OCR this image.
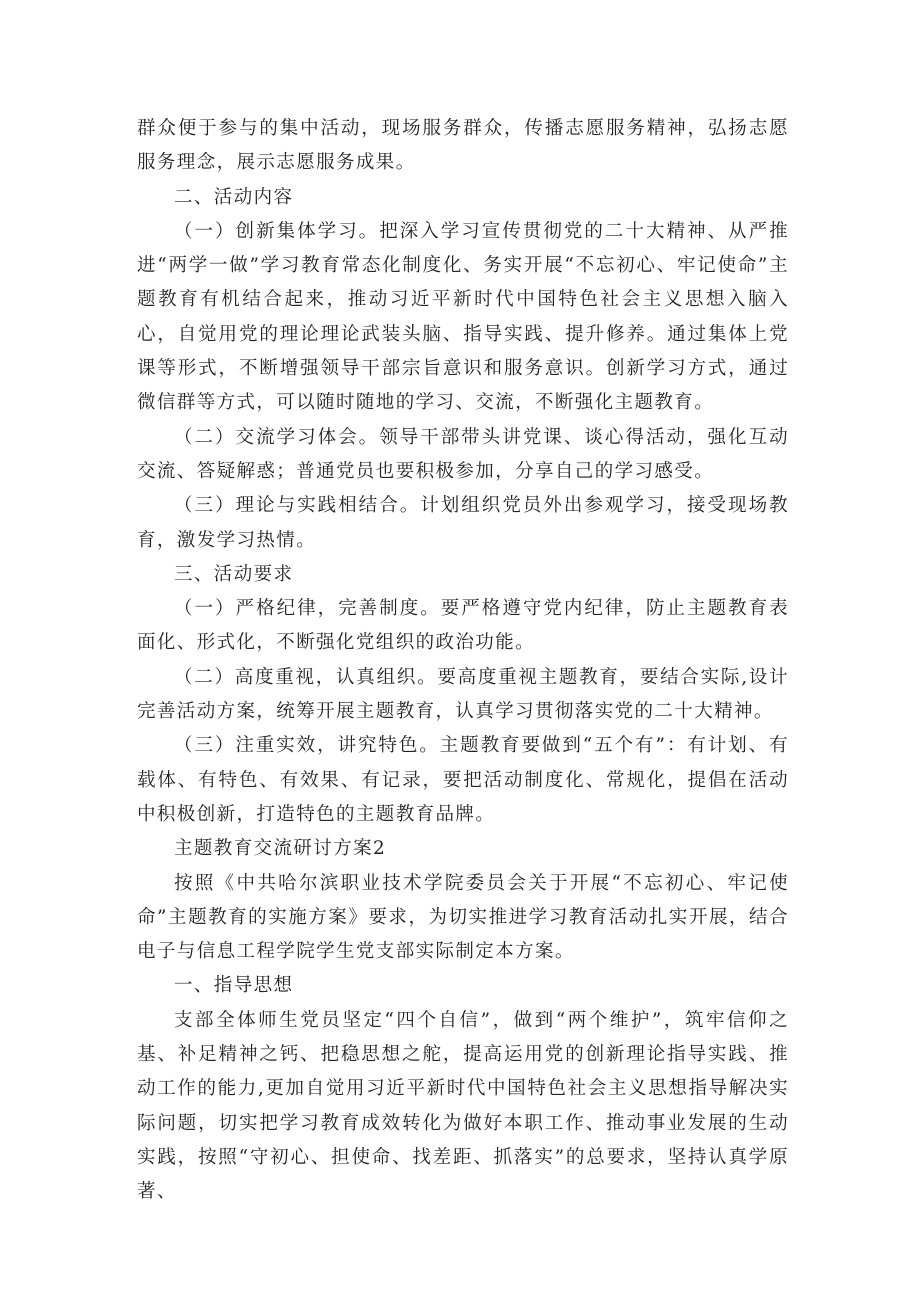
群众便于参与的集中活动，现场服务群众，传播志愿服务精神，弘扬志愿服务理念，展示志愿服务成果。

二、活动内容

（一）创新集体学习。把深入学习宣传贯彻党的二十大精神、从严推进“两学一做”学习教育常态化制度化、务实开展“不忘初心、牢记使命”主题教育有机结合起来，推动习近平新时代中国特色社会主义思想入脑入心，自觉用党的理论理论武装头脑、指导实践、提升修养。通过集体上党课等形式，不断增强领导干部宗旨意识和服务意识。创新学习方式，通过微信群等方式，可以随时随地的学习、交流，不断强化主题教育。

（二）交流学习体会。领导干部带头讲党课、谈心得活动，强化互动交流、答疑解惑；普通党员也要积极参加，分享自己的学习感受。

（三）理论与实践相结合。计划组织党员外出参观学习，接受现场教育，激发学习热情。

三、活动要求

（一）严格纪律，完善制度。要严格遵守党内纪律，防止主题教育表面化、形式化，不断强化党组织的政治功能。

（二）高度重视，认真组织。要高度重视主题教育，要结合实际,设计完善活动方案，统筹开展主题教育，认真学习贯彻落实党的二十大精神。

（三）注重实效，讲究特色。主题教育要做到“五个有”：有计划、有载体、有特色、有效果、有记录，要把活动制度化、常规化，提倡在活动中积极创新，打造特色的主题教育品牌。

主题教育交流研讨方案2

按照《中共哈尔滨职业技术学院委员会关于开展“不忘初心、牢记使命”主题教育的实施方案》要求，为切实推进学习教育活动扎实开展，结合电子与信息工程学院学生党支部实际制定本方案。

一、指导思想

支部全体师生党员坚定“四个自信”，做到“两个维护”，筑牢信仰之基、补足精神之钙、把稳思想之舵，提高运用党的创新理论指导实践、推动工作的能力,更加自觉用习近平新时代中国特色社会主义思想指导解决实际问题，切实把学习教育成效转化为做好本职工作、推动事业发展的生动实践，按照“守初心、担使命、找差距、抓落实”的总要求，坚持认真学原著、
